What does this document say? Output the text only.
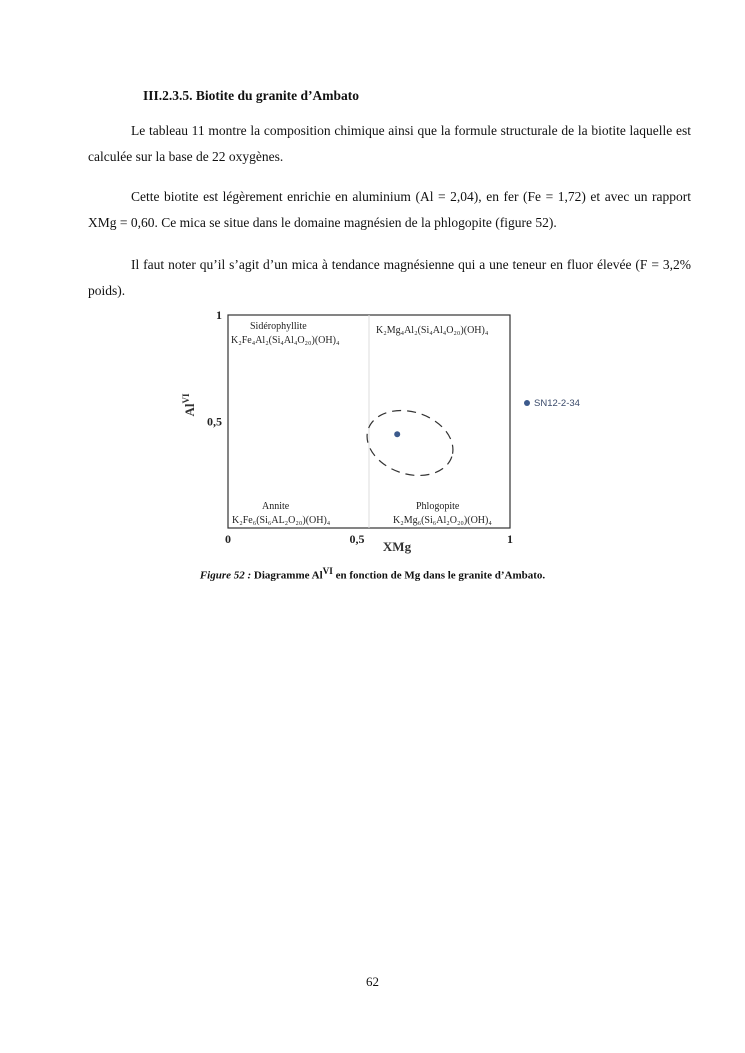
III.2.3.5. Biotite du granite d’Ambato

Le tableau 11 montre la composition chimique ainsi que la formule structurale de la biotite laquelle est calculée sur la base de 22 oxygènes.

Cette biotite est légèrement enrichie en aluminium (Al = 2,04), en fer (Fe = 1,72) et avec un rapport XMg = 0,60. Ce mica se situe dans le domaine magnésien de la phlogopite (figure 52).

Il faut noter qu’il s’agit d’un mica à tendance magnésienne qui a une teneur en fluor élevée (F = 3,2% poids).

Sidérophyllite
K₂Fe₄Al₂(Si₄Al₄O₂₀)(OH)₄
K₂Mg₄Al₂(Si₄Al₄O₂₀)(OH)₄
Annite
K₂Fe₆(Si₆AL₂O₂₀)(OH)₄
Phlogopite
K₂Mg₆(Si₆Al₂O₂₀)(OH)₄
1
0,5
0	0,5	1
XMg
$Al^{VI}$	SN12-2-34
Figure 52 : Diagramme $Al^{VI}$ en fonction de Mg dans le granite d’Ambato.
62
